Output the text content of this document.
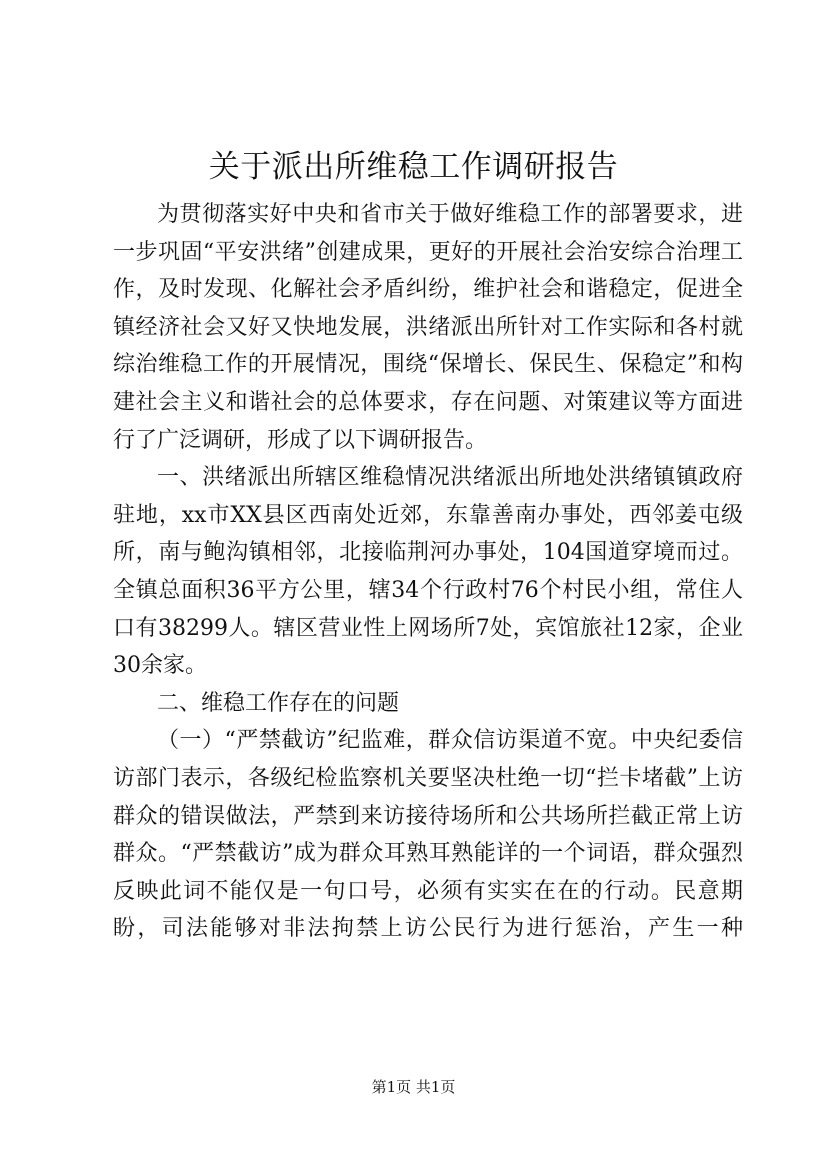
关于派出所维稳工作调研报告

为贯彻落实好中央和省市关于做好维稳工作的部署要求，进一步巩固“平安洪绪”创建成果，更好的开展社会治安综合治理工作，及时发现、化解社会矛盾纠纷，维护社会和谐稳定，促进全镇经济社会又好又快地发展，洪绪派出所针对工作实际和各村就综治维稳工作的开展情况，围绕“保增长、保民生、保稳定”和构建社会主义和谐社会的总体要求，存在问题、对策建议等方面进行了广泛调研，形成了以下调研报告。

一、洪绪派出所辖区维稳情况洪绪派出所地处洪绪镇镇政府驻地，xx市XX县区西南处近郊，东靠善南办事处，西邻姜屯级所，南与鲍沟镇相邻，北接临荆河办事处，104国道穿境而过。全镇总面积36平方公里，辖34个行政村76个村民小组，常住人口有38299人。辖区营业性上网场所7处，宾馆旅社12家，企业30余家。

二、维稳工作存在的问题

（一）“严禁截访”纪监难，群众信访渠道不宽。中央纪委信访部门表示，各级纪检监察机关要坚决杜绝一切“拦卡堵截”上访群众的错误做法，严禁到来访接待场所和公共场所拦截正常上访群众。“严禁截访”成为群众耳熟耳熟能详的一个词语，群众强烈反映此词不能仅是一句口号，必须有实实在在的行动。民意期盼，司法能够对非法拘禁上访公民行为进行惩治，产生一种

第1页 共1页
